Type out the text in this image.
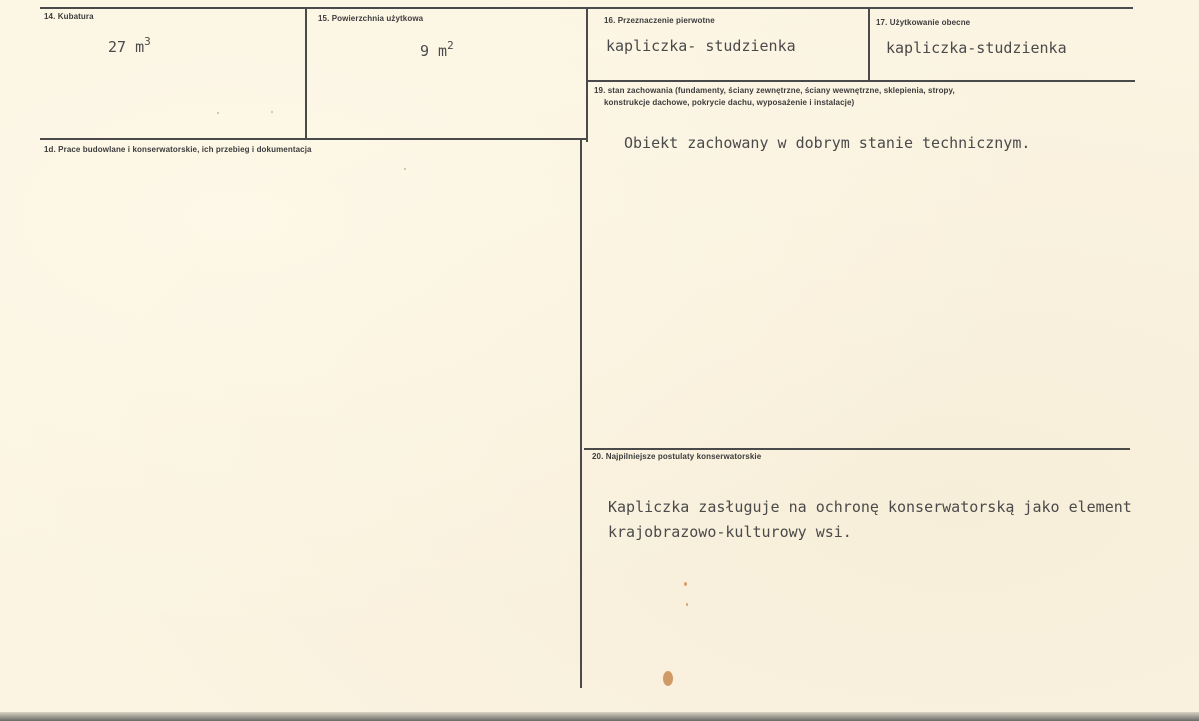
14. Kubatura
27 $m^3$
15. Powierzchnia użytkowa
9 $m^2$
16. Przeznaczenie pierwotne
kapliczka- studzienka
17. Użytkowanie obecne
kapliczka-studzienka
1d. Prace budowlane i konserwatorskie, ich przebieg i dokumentacja
19. stan zachowania (fundamenty, ściany zewnętrzne, ściany wewnętrzne, sklepienia, stropy,
konstrukcje dachowe, pokrycie dachu, wyposażenie i instalacje)
Obiekt zachowany w dobrym stanie technicznym.
20. Najpilniejsze postulaty konserwatorskie
Kapliczka zasługuje na ochronę konserwatorską jako element
krajobrazowo-kulturowy wsi.
